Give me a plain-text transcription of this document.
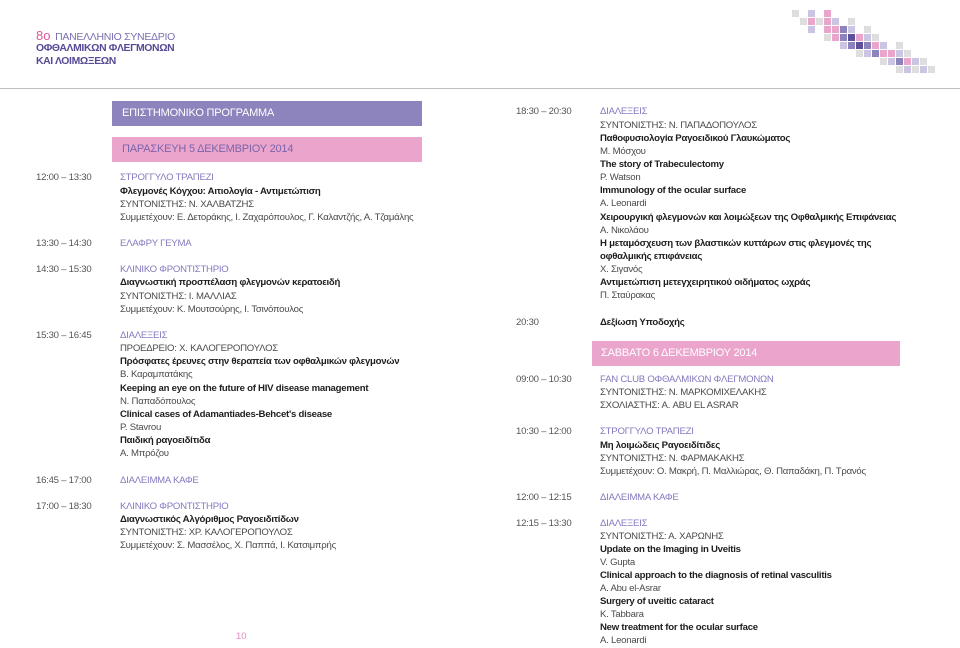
8ο ΠΑΝΕΛΛΗΝΙΟ ΣΥΝΕΔΡΙΟ
ΟΦΘΑΛΜΙΚΩΝ ΦΛΕΓΜΟΝΩΝ
ΚΑΙ ΛΟΙΜΩΞΕΩΝ
ΕΠΙΣΤΗΜΟΝΙΚΟ ΠΡΟΓΡΑΜΜΑ
ΠΑΡΑΣΚΕΥΗ 5 ΔΕΚΕΜΒΡΙΟΥ 2014
ΣΑΒΒΑΤΟ 6 ΔΕΚΕΜΒΡΙΟΥ 2014
12:00 – 13:30	ΣΤΡΟΓΓΥΛΟ ΤΡΑΠΕΖΙ
Φλεγμονές Κόγχου: Αιτιολογία - Αντιμετώπιση
ΣΥΝΤΟΝΙΣΤΗΣ: Ν. ΧΑΛΒΑΤΖΗΣ
Συμμετέχουν: Ε. Δετοράκης, Ι. Ζαχαρόπουλος, Γ. Καλαντζής, Α. Τζαμάλης
13:30 – 14:30	ΕΛΑΦΡΥ ΓΕΥΜΑ
14:30 – 15:30	ΚΛΙΝΙΚΟ ΦΡΟΝΤΙΣΤΗΡΙΟ
Διαγνωστική προσπέλαση φλεγμονών κερατοειδή
ΣΥΝΤΟΝΙΣΤΗΣ: Ι. ΜΑΛΛΙΑΣ
Συμμετέχουν: Κ. Μουτσούρης, Ι. Τσινόπουλος
15:30 – 16:45	ΔΙΑΛΕΞΕΙΣ
ΠΡΟΕΔΡΕΙΟ: Χ. ΚΑΛΟΓΕΡΟΠΟΥΛΟΣ
Πρόσφατες έρευνες στην θεραπεία των οφθαλμικών φλεγμονών
Β. Καραμπατάκης
Keeping an eye on the future of HIV disease management
Ν. Παπαδόπουλος
Clinical cases of Adamantiades-Behcet's disease
P. Stavrou
Παιδική ραγοειδίτιδα
Α. Μπρόζου
16:45 – 17:00	ΔΙΑΛΕΙΜΜΑ ΚΑΦΕ
17:00 – 18:30	ΚΛΙΝΙΚΟ ΦΡΟΝΤΙΣΤΗΡΙΟ
Διαγνωστικός Αλγόριθμος Ραγοειδιτίδων
ΣΥΝΤΟΝΙΣΤΗΣ: ΧΡ. ΚΑΛΟΓΕΡΟΠΟΥΛΟΣ
Συμμετέχουν: Σ. Μασσέλος, Χ. Παππά, Ι. Κατσιμπρής
18:30 – 20:30	ΔΙΑΛΕΞΕΙΣ
ΣΥΝΤΟΝΙΣΤΗΣ: Ν. ΠΑΠΑΔΟΠΟΥΛΟΣ
Παθοφυσιολογία Ραγοειδικού Γλαυκώματος
Μ. Μόσχου
The story of Trabeculectomy
P. Watson
Immunology of the ocular surface
A. Leonardi
Χειρουργική φλεγμονών και λοιμώξεων της Οφθαλμικής Επιφάνειας
Α. Νικολάου
Η μεταμόσχευση των βλαστικών κυττάρων στις φλεγμονές της
οφθαλμικής επιφάνειας
Χ. Σιγανός
Αντιμετώπιση μετεγχειρητικού οιδήματος ωχράς
Π. Σταύρακας
20:30	Δεξίωση Υποδοχής
09:00 – 10:30	FAN CLUB ΟΦΘΑΛΜΙΚΩΝ ΦΛΕΓΜΟΝΩΝ
ΣΥΝΤΟΝΙΣΤΗΣ: Ν. ΜΑΡΚΟΜΙΧΕΛΑΚΗΣ
ΣΧΟΛΙΑΣΤΗΣ: Α. ABU EL ASRAR
10:30 – 12:00	ΣΤΡΟΓΓΥΛΟ ΤΡΑΠΕΖΙ
Μη λοιμώδεις Ραγοειδίτιδες
ΣΥΝΤΟΝΙΣΤΗΣ: Ν. ΦΑΡΜΑΚΑΚΗΣ
Συμμετέχουν: Ο. Μακρή, Π. Μαλλιώρας, Θ. Παπαδάκη, Π. Τρανός
12:00 – 12:15	ΔΙΑΛΕΙΜΜΑ ΚΑΦΕ
12:15 – 13:30	ΔΙΑΛΕΞΕΙΣ
ΣΥΝΤΟΝΙΣΤΗΣ: Α. ΧΑΡΩΝΗΣ
Update on the Imaging in Uveitis
V. Gupta
Clinical approach to the diagnosis of retinal vasculitis
A. Abu el-Asrar
Surgery of uveitic cataract
K. Tabbara
New treatment for the ocular surface
A. Leonardi
10
